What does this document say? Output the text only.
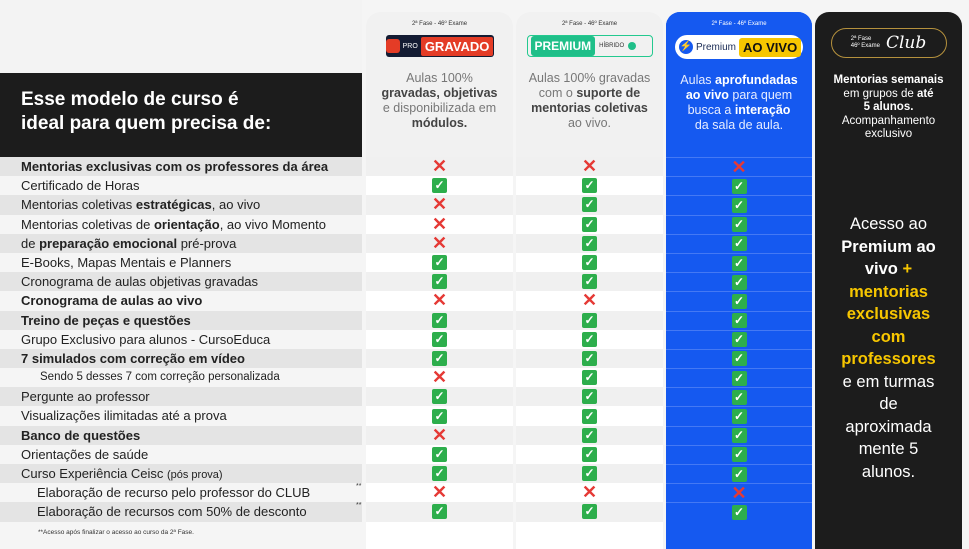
Esse modelo de curso é
ideal para quem precisa de:
2ª Fase - 46º Exame
PRO GRAVADO
Aulas 100%
gravadas, objetivas
e disponibilizada em
módulos.
2ª Fase - 46º Exame
PREMIUM	HÍBRIDO
Aulas 100% gravadas
com o suporte de
mentorias coletivas
ao vivo.
2ª Fase - 46º Exame
⚡ Premium AO VIVO
Aulas aprofundadas
ao vivo para quem
busca a interação
da sala de aula.
2ª Fase
46º Exame Club
Mentorias semanais
em grupos de até
5 alunos.
Acompanhamento
exclusivo
Mentorias exclusivas com os professores da área	✕	✕	✕
Certificado de Horas	✓	✓	✓
Mentorias coletivas estratégicas, ao vivo	✕	✓	✓
Mentorias coletivas de orientação, ao vivo Momento	✕	✓	✓
de preparação emocional pré-prova	✕	✓	✓
E-Books, Mapas Mentais e Planners	✓	✓	✓
Cronograma de aulas objetivas gravadas	✓	✓	✓
Cronograma de aulas ao vivo	✕	✕	✓
Treino de peças e questões	✓	✓	✓
Grupo Exclusivo para alunos - CursoEduca	✓	✓	✓
7 simulados com correção em vídeo	✓	✓	✓
Sendo 5 desses 7 com correção personalizada	✕	✓	✓
Pergunte ao professor	✓	✓	✓
Visualizações ilimitadas até a prova	✓	✓	✓
Banco de questões	✕	✓	✓
Orientações de saúde	✓	✓	✓
Curso Experiência Ceisc (pós prova)	✓	✓	✓
Elaboração de recurso pelo professor do CLUB	**	✕	✕	✕
Elaboração de recursos com 50% de desconto	**	✓	✓	✓
Acesso ao
Premium ao
vivo +
mentorias
exclusivas
com
professores
e em turmas
de
aproximada
mente 5
alunos.
**Acesso após finalizar o acesso ao curso da 2ª Fase.
